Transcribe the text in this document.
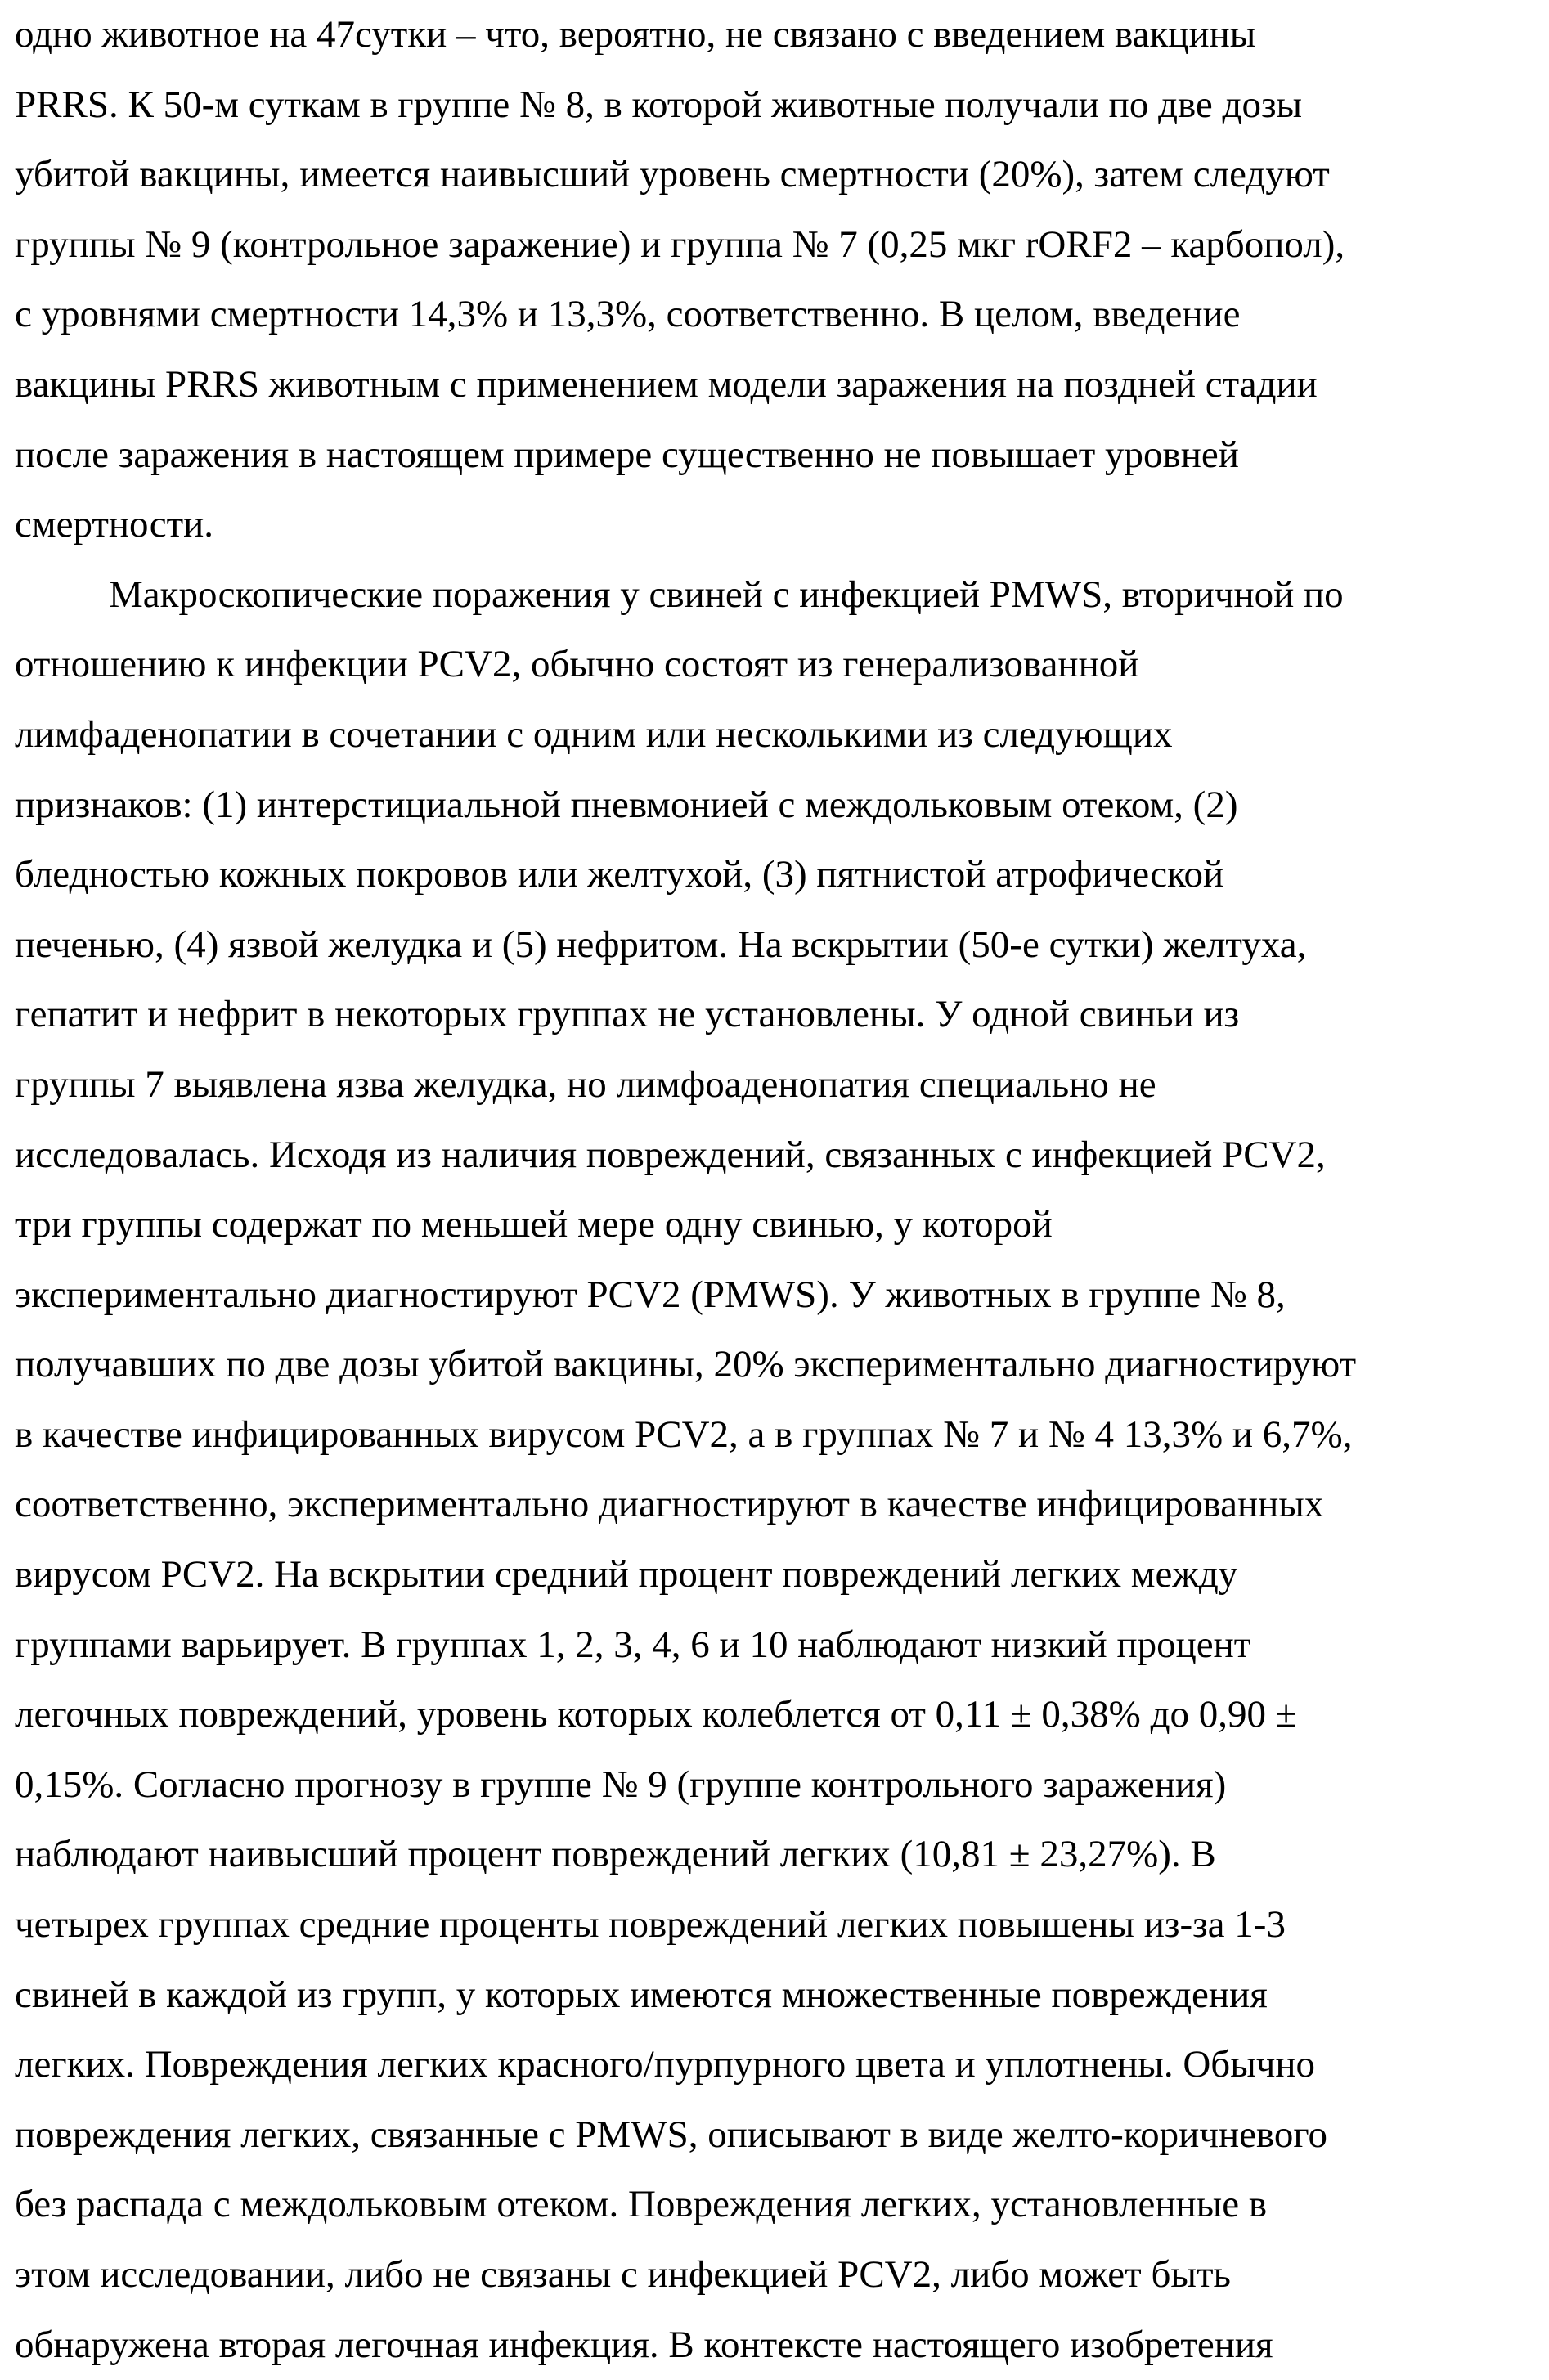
одно животное на 47сутки – что, вероятно, не связано с введением вакцины
PRRS. К 50-м суткам в группе № 8, в которой животные получали по две дозы
убитой вакцины, имеется наивысший уровень смертности (20%), затем следуют
группы № 9 (контрольное заражение) и группа № 7 (0,25 мкг rORF2 – карбопол),
с уровнями смертности 14,3% и 13,3%, соответственно. В целом, введение
вакцины PRRS животным с применением модели заражения на поздней стадии
после заражения в настоящем примере существенно не повышает уровней
смертности.
Макроскопические поражения у свиней с инфекцией PMWS, вторичной по
отношению к инфекции PCV2, обычно состоят из генерализованной
лимфаденопатии в сочетании с одним или несколькими из следующих
признаков: (1) интерстициальной пневмонией с междольковым отеком, (2)
бледностью кожных покровов или желтухой, (3) пятнистой атрофической
печенью, (4) язвой желудка и (5) нефритом. На вскрытии (50-е сутки) желтуха,
гепатит и нефрит в некоторых группах не установлены. У одной свиньи из
группы 7 выявлена язва желудка, но лимфоаденопатия специально не
исследовалась. Исходя из наличия повреждений, связанных с инфекцией PCV2,
три группы содержат по меньшей мере одну свинью, у которой
экспериментально диагностируют PCV2 (PMWS). У животных в группе № 8,
получавших по две дозы убитой вакцины, 20% экспериментально диагностируют
в качестве инфицированных вирусом PCV2, а в группах № 7 и № 4 13,3% и 6,7%,
соответственно, экспериментально диагностируют в качестве инфицированных
вирусом PCV2. На вскрытии средний процент повреждений легких между
группами варьирует. В группах 1, 2, 3, 4, 6 и 10 наблюдают низкий процент
легочных повреждений, уровень которых колеблется от 0,11 ± 0,38% до 0,90 ±
0,15%. Согласно прогнозу в группе № 9 (группе контрольного заражения)
наблюдают наивысший процент повреждений легких (10,81 ± 23,27%). В
четырех группах средние проценты повреждений легких повышены из-за 1-3
свиней в каждой из групп, у которых имеются множественные повреждения
легких. Повреждения легких красного/пурпурного цвета и уплотнены. Обычно
повреждения легких, связанные с PMWS, описывают в виде желто-коричневого
без распада с междольковым отеком. Повреждения легких, установленные в
этом исследовании, либо не связаны с инфекцией PCV2, либо может быть
обнаружена вторая легочная инфекция. В контексте настоящего изобретения
